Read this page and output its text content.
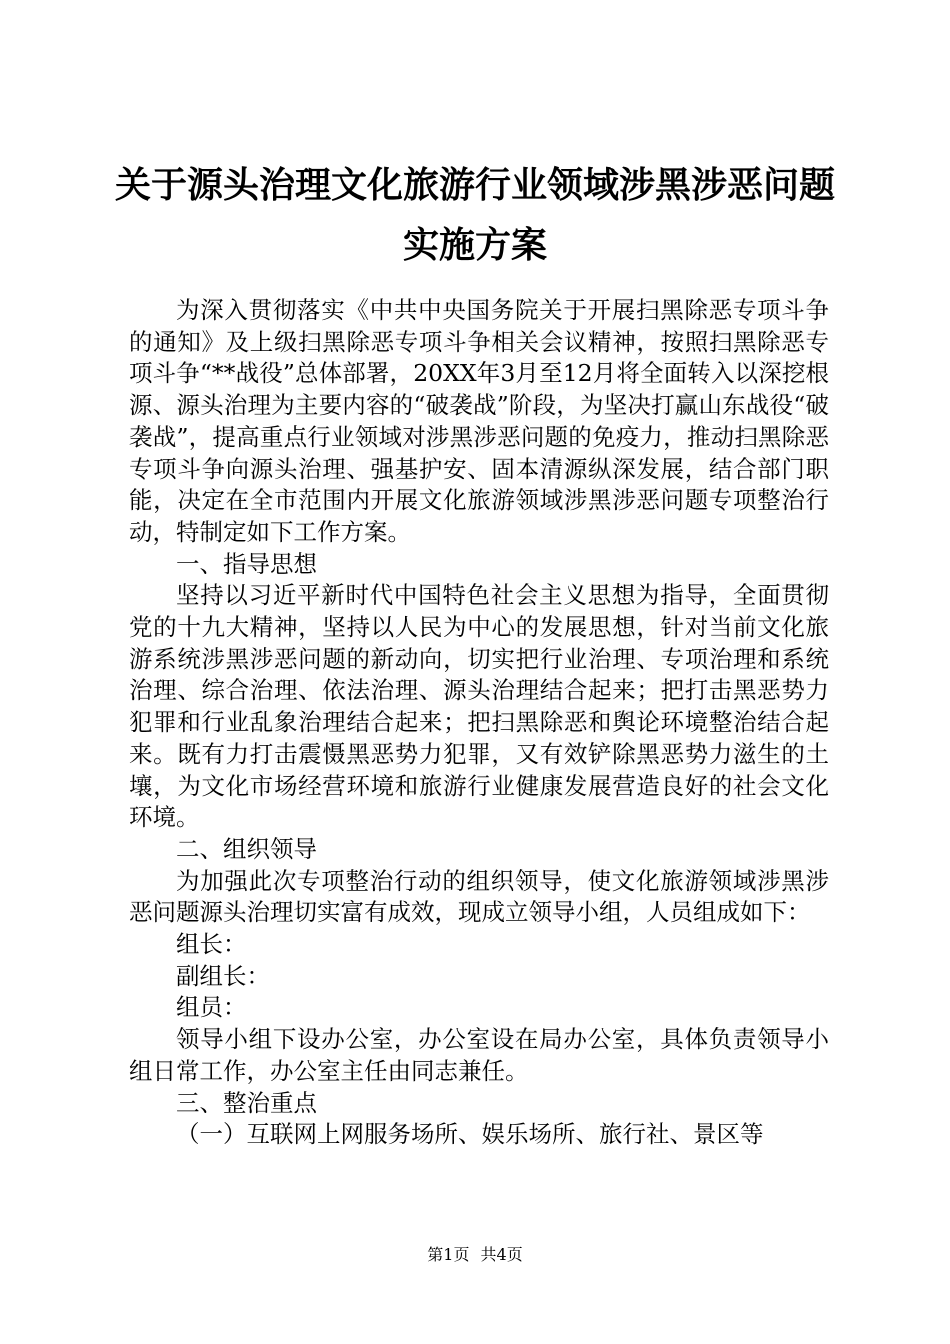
关于源头治理文化旅游行业领域涉黑涉恶问题
实施方案

为深入贯彻落实《中共中央国务院关于开展扫黑除恶专项斗争的通知》及上级扫黑除恶专项斗争相关会议精神，按照扫黑除恶专项斗争“**战役”总体部署，20XX年3月至12月将全面转入以深挖根源、源头治理为主要内容的“破袭战”阶段，为坚决打赢山东战役“破袭战”，提高重点行业领域对涉黑涉恶问题的免疫力，推动扫黑除恶专项斗争向源头治理、强基护安、固本清源纵深发展，结合部门职能，决定在全市范围内开展文化旅游领域涉黑涉恶问题专项整治行动，特制定如下工作方案。

一、指导思想

坚持以习近平新时代中国特色社会主义思想为指导，全面贯彻党的十九大精神，坚持以人民为中心的发展思想，针对当前文化旅游系统涉黑涉恶问题的新动向，切实把行业治理、专项治理和系统治理、综合治理、依法治理、源头治理结合起来；把打击黑恶势力犯罪和行业乱象治理结合起来；把扫黑除恶和舆论环境整治结合起来。既有力打击震慑黑恶势力犯罪，又有效铲除黑恶势力滋生的土壤，为文化市场经营环境和旅游行业健康发展营造良好的社会文化环境。

二、组织领导

为加强此次专项整治行动的组织领导，使文化旅游领域涉黑涉恶问题源头治理切实富有成效，现成立领导小组，人员组成如下：

组长：

副组长：

组员：

领导小组下设办公室，办公室设在局办公室，具体负责领导小组日常工作，办公室主任由同志兼任。

三、整治重点

（一）互联网上网服务场所、娱乐场所、旅行社、景区等

第1页 共4页
